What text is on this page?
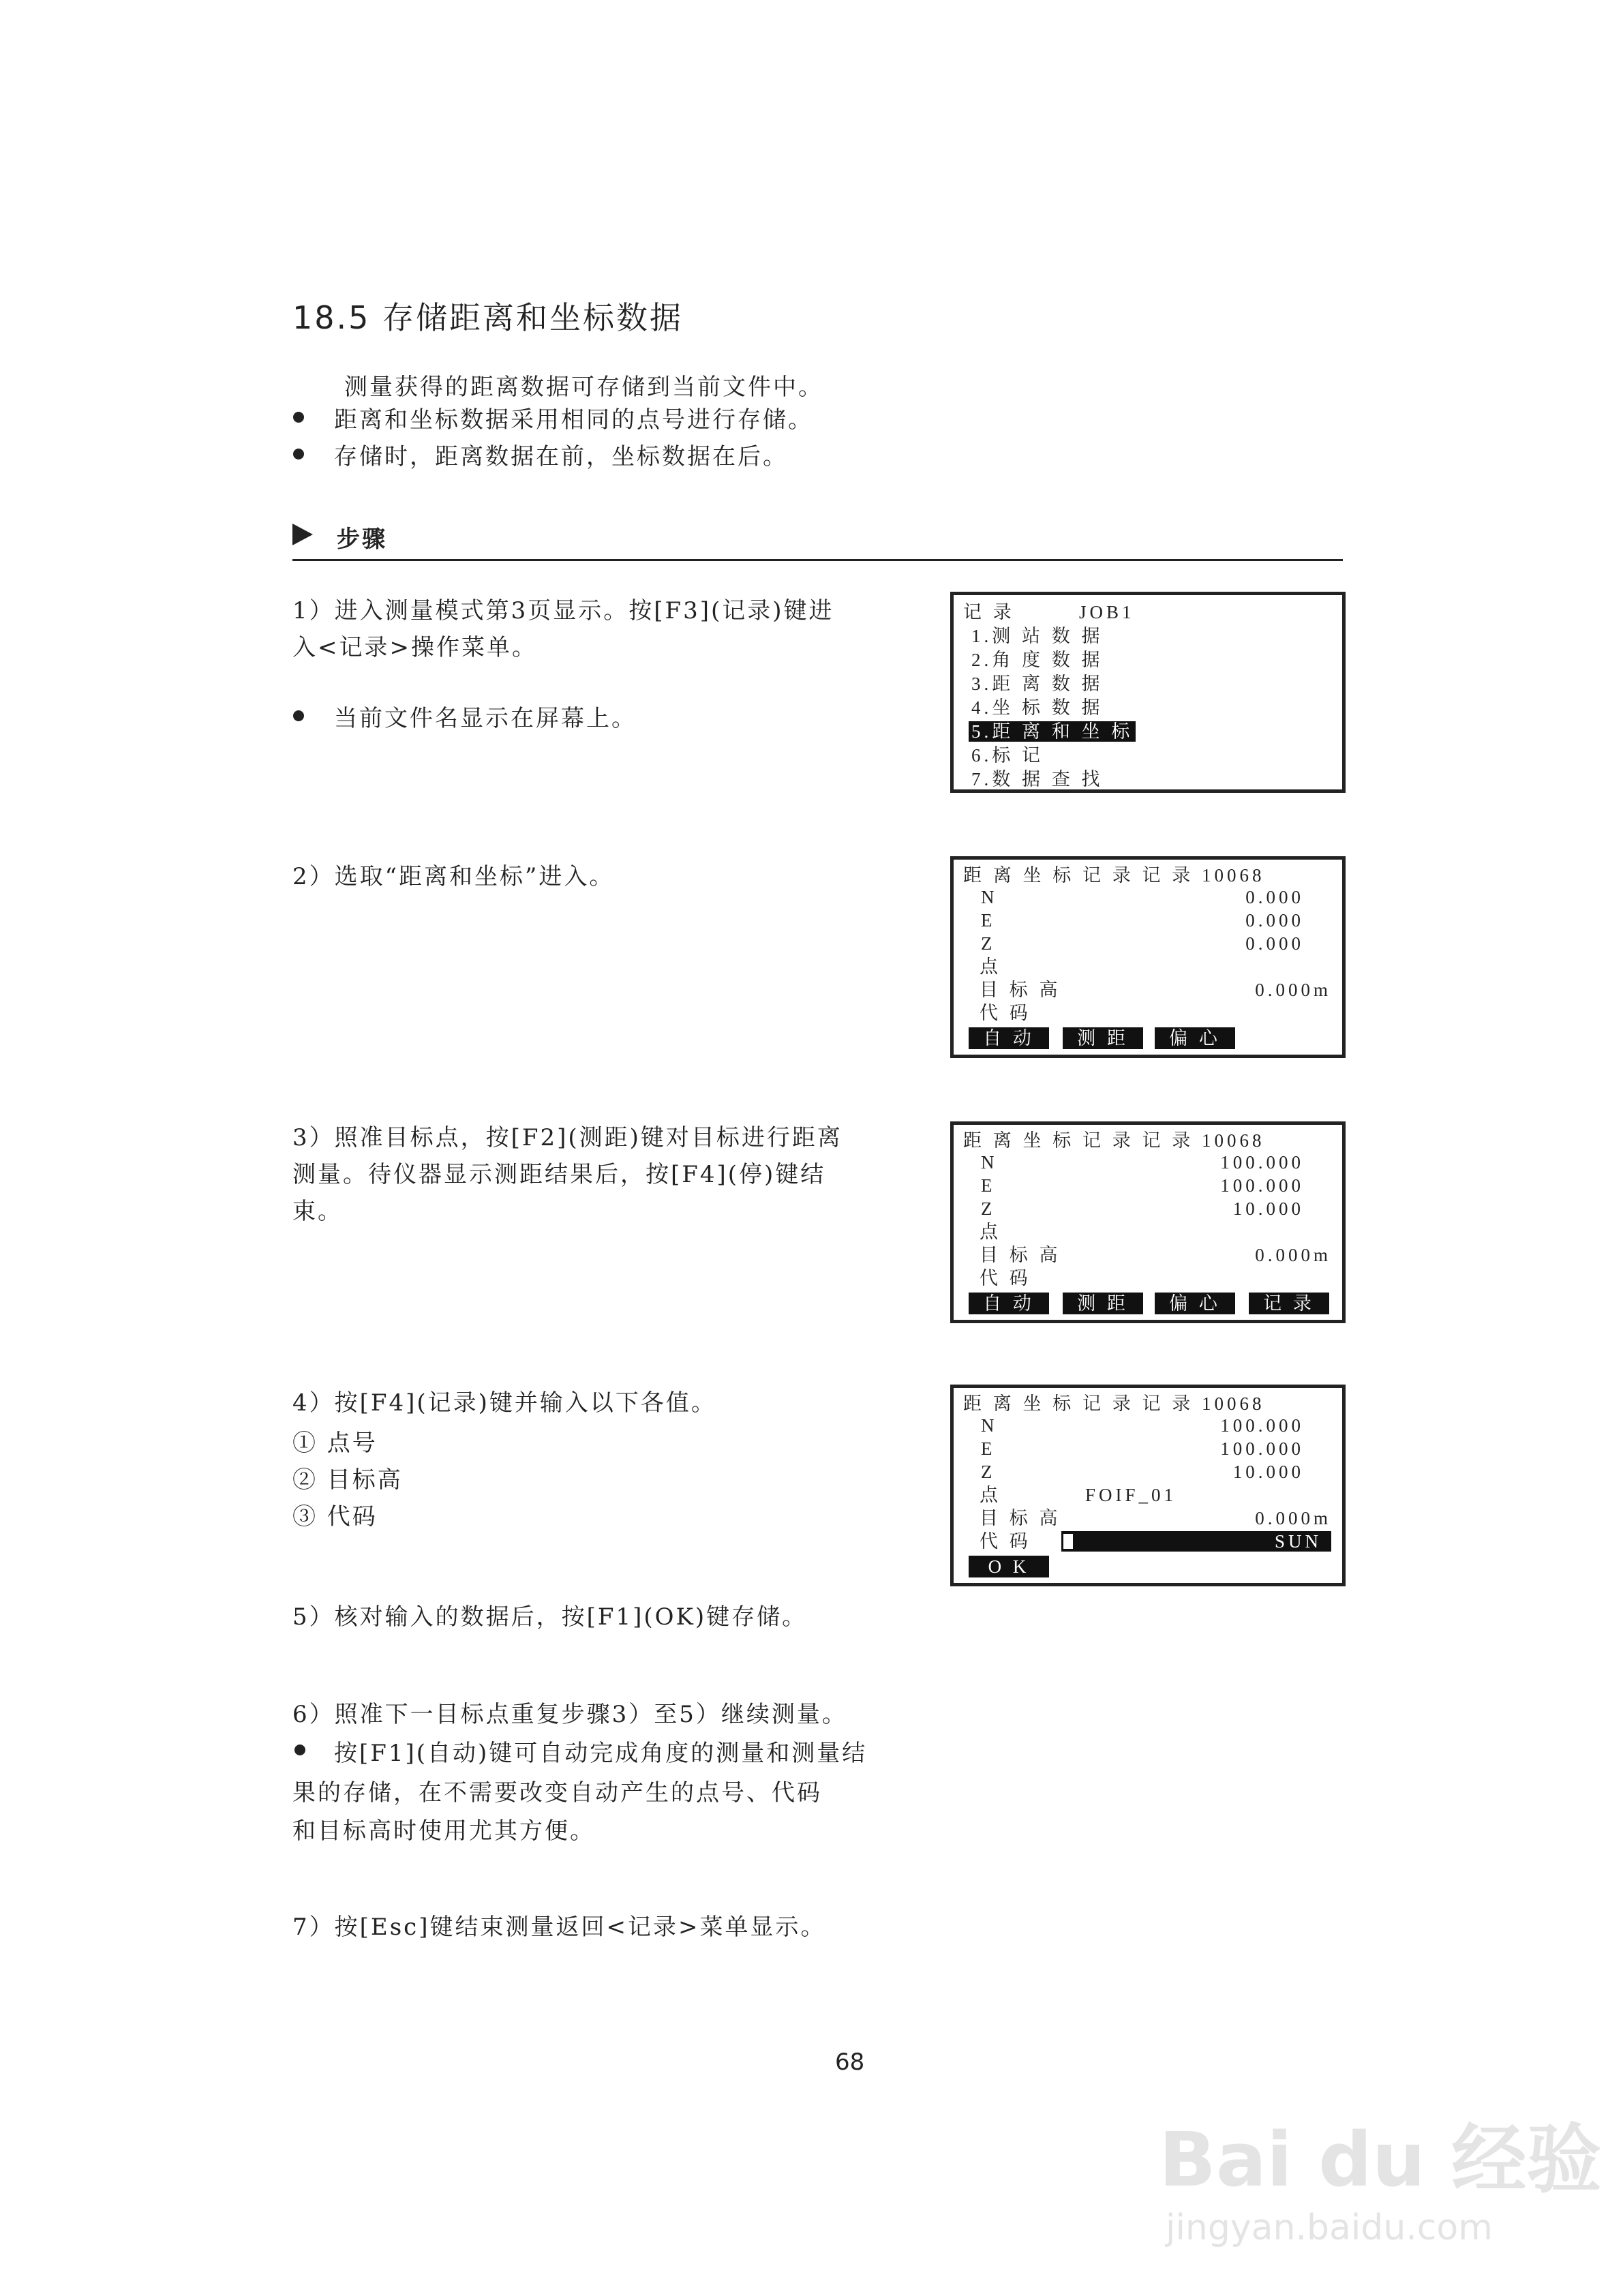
18.5 存储距离和坐标数据
测量获得的距离数据可存储到当前文件中。
距离和坐标数据采用相同的点号进行存储。
存储时，距离数据在前，坐标数据在后。
步骤
1）进入测量模式第3页显示。按[F3](记录)键进
入<记录>操作菜单。
当前文件名显示在屏幕上。
2）选取“距离和坐标”进入。
3）照准目标点，按[F2](测距)键对目标进行距离
测量。待仪器显示测距结果后，按[F4](停)键结
束。
4）按[F4](记录)键并输入以下各值。
① 点号
② 目标高
③ 代码
5）核对输入的数据后，按[F1](OK)键存储。
6）照准下一目标点重复步骤3）至5）继续测量。
按[F1](自动)键可自动完成角度的测量和测量结
果的存储，在不需要改变自动产生的点号、代码
和目标高时使用尤其方便。
7）按[Esc]键结束测量返回<记录>菜单显示。
记 录	JOB1
1.测 站 数 据
2.角 度 数 据
3.距 离 数 据
4.坐 标 数 据
5.距 离 和 坐 标
6.标 记
7.数 据 查 找
距 离 坐 标 记 录 记 录 10068
N	0.000
E	0.000
Z	0.000
点
目 标 高	0.000m
代 码
自 动	测 距	偏 心
距 离 坐 标 记 录 记 录 10068
N	100.000
E	100.000
Z	10.000
点
目 标 高	0.000m
代 码
自 动	测 距	偏 心	记 录
距 离 坐 标 记 录 记 录 10068
N	100.000
E	100.000
Z	10.000
点	FOIF_01
目 标 高	0.000m
代 码	SUN
O K
68
Bai du 经验
jingyan.baidu.com
